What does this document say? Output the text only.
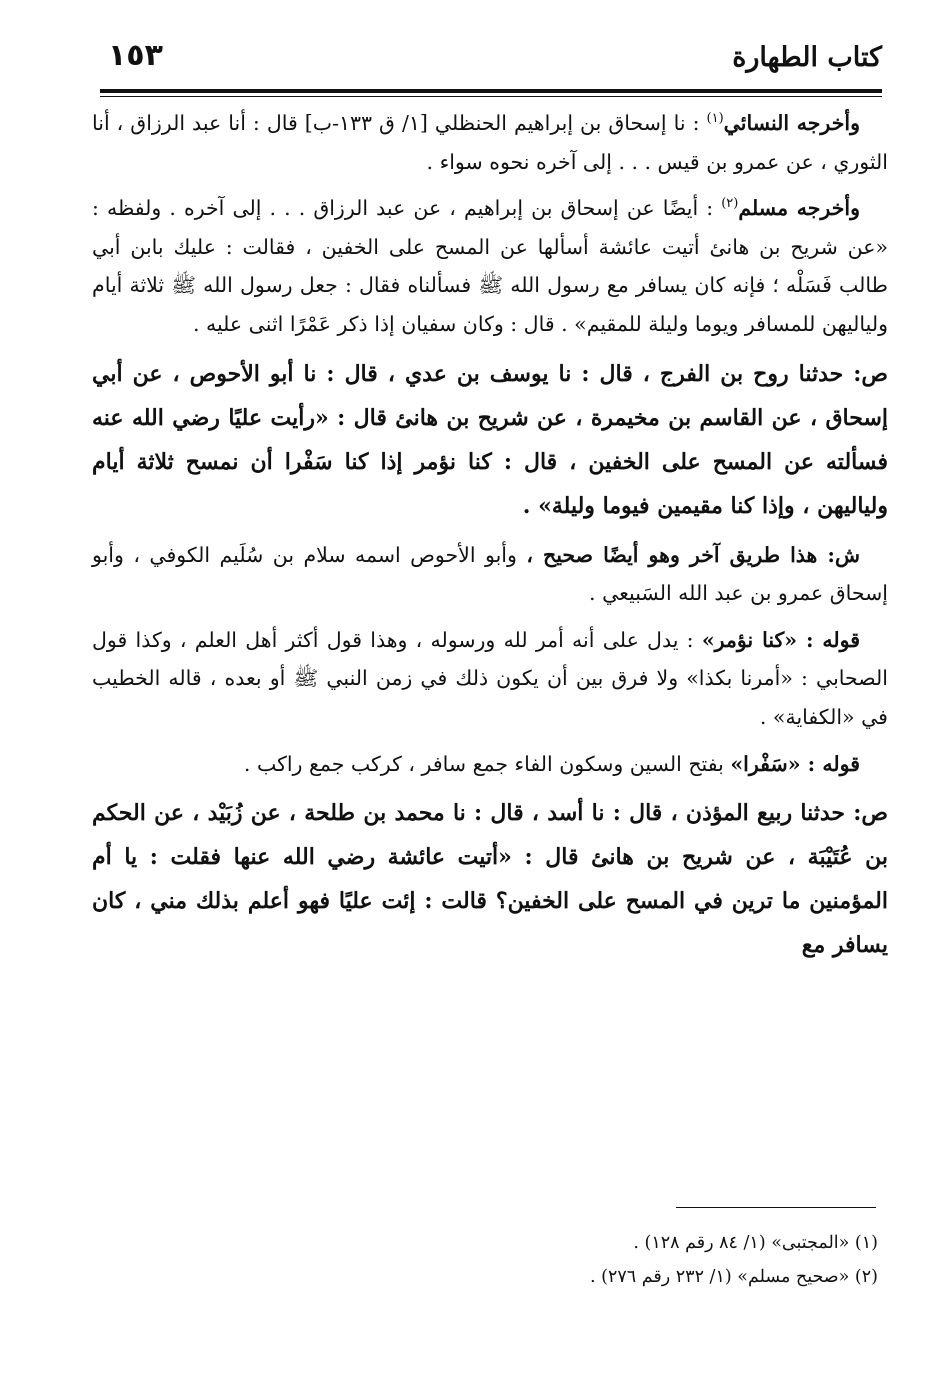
كتاب الطهارة
١٥٣

وأخرجه النسائي$^{(١)}$ : نا إسحاق بن إبراهيم الحنظلي [١/ ق ١٣٣-ب] قال : أنا عبد الرزاق ، أنا الثوري ، عن عمرو بن قيس . . . إلى آخره نحوه سواء .

وأخرجه مسلم$^{(٢)}$ : أيضًا عن إسحاق بن إبراهيم ، عن عبد الرزاق . . . إلى آخره . ولفظه : «عن شريح بن هانئ أتيت عائشة أسألها عن المسح على الخفين ، فقالت : عليك بابن أبي طالب فَسَلْه ؛ فإنه كان يسافر مع رسول الله ﷺ فسألناه فقال : جعل رسول الله ﷺ ثلاثة أيام ولياليهن للمسافر ويوما وليلة للمقيم» . قال : وكان سفيان إذا ذكر عَمْرًا اثنى عليه .

ص: حدثنا روح بن الفرج ، قال : نا يوسف بن عدي ، قال : نا أبو الأحوص ، عن أبي إسحاق ، عن القاسم بن مخيمرة ، عن شريح بن هانئ قال : «رأيت عليًا رضي الله عنه فسألته عن المسح على الخفين ، قال : كنا نؤمر إذا كنا سَفْرا أن نمسح ثلاثة أيام ولياليهن ، وإذا كنا مقيمين فيوما وليلة» .

ش: هذا طريق آخر وهو أيضًا صحيح ، وأبو الأحوص اسمه سلام بن سُلَيم الكوفي ، وأبو إسحاق عمرو بن عبد الله السَبيعي .

قوله : «كنا نؤمر» : يدل على أنه أمر لله ورسوله ، وهذا قول أكثر أهل العلم ، وكذا قول الصحابي : «أمرنا بكذا» ولا فرق بين أن يكون ذلك في زمن النبي ﷺ أو بعده ، قاله الخطيب في «الكفاية» .

قوله : «سَفْرا» بفتح السين وسكون الفاء جمع سافر ، كركب جمع راكب .

ص: حدثنا ربيع المؤذن ، قال : نا أسد ، قال : نا محمد بن طلحة ، عن زُبَيْد ، عن الحكم بن عُتَيْبَة ، عن شريح بن هانئ قال : «أتيت عائشة رضي الله عنها فقلت : يا أم المؤمنين ما ترين في المسح على الخفين؟ قالت : إئت عليًا فهو أعلم بذلك مني ، كان يسافر مع

(١) «المجتبى» (١/ ٨٤ رقم ١٢٨) .

(٢) «صحيح مسلم» (١/ ٢٣٢ رقم ٢٧٦) .
